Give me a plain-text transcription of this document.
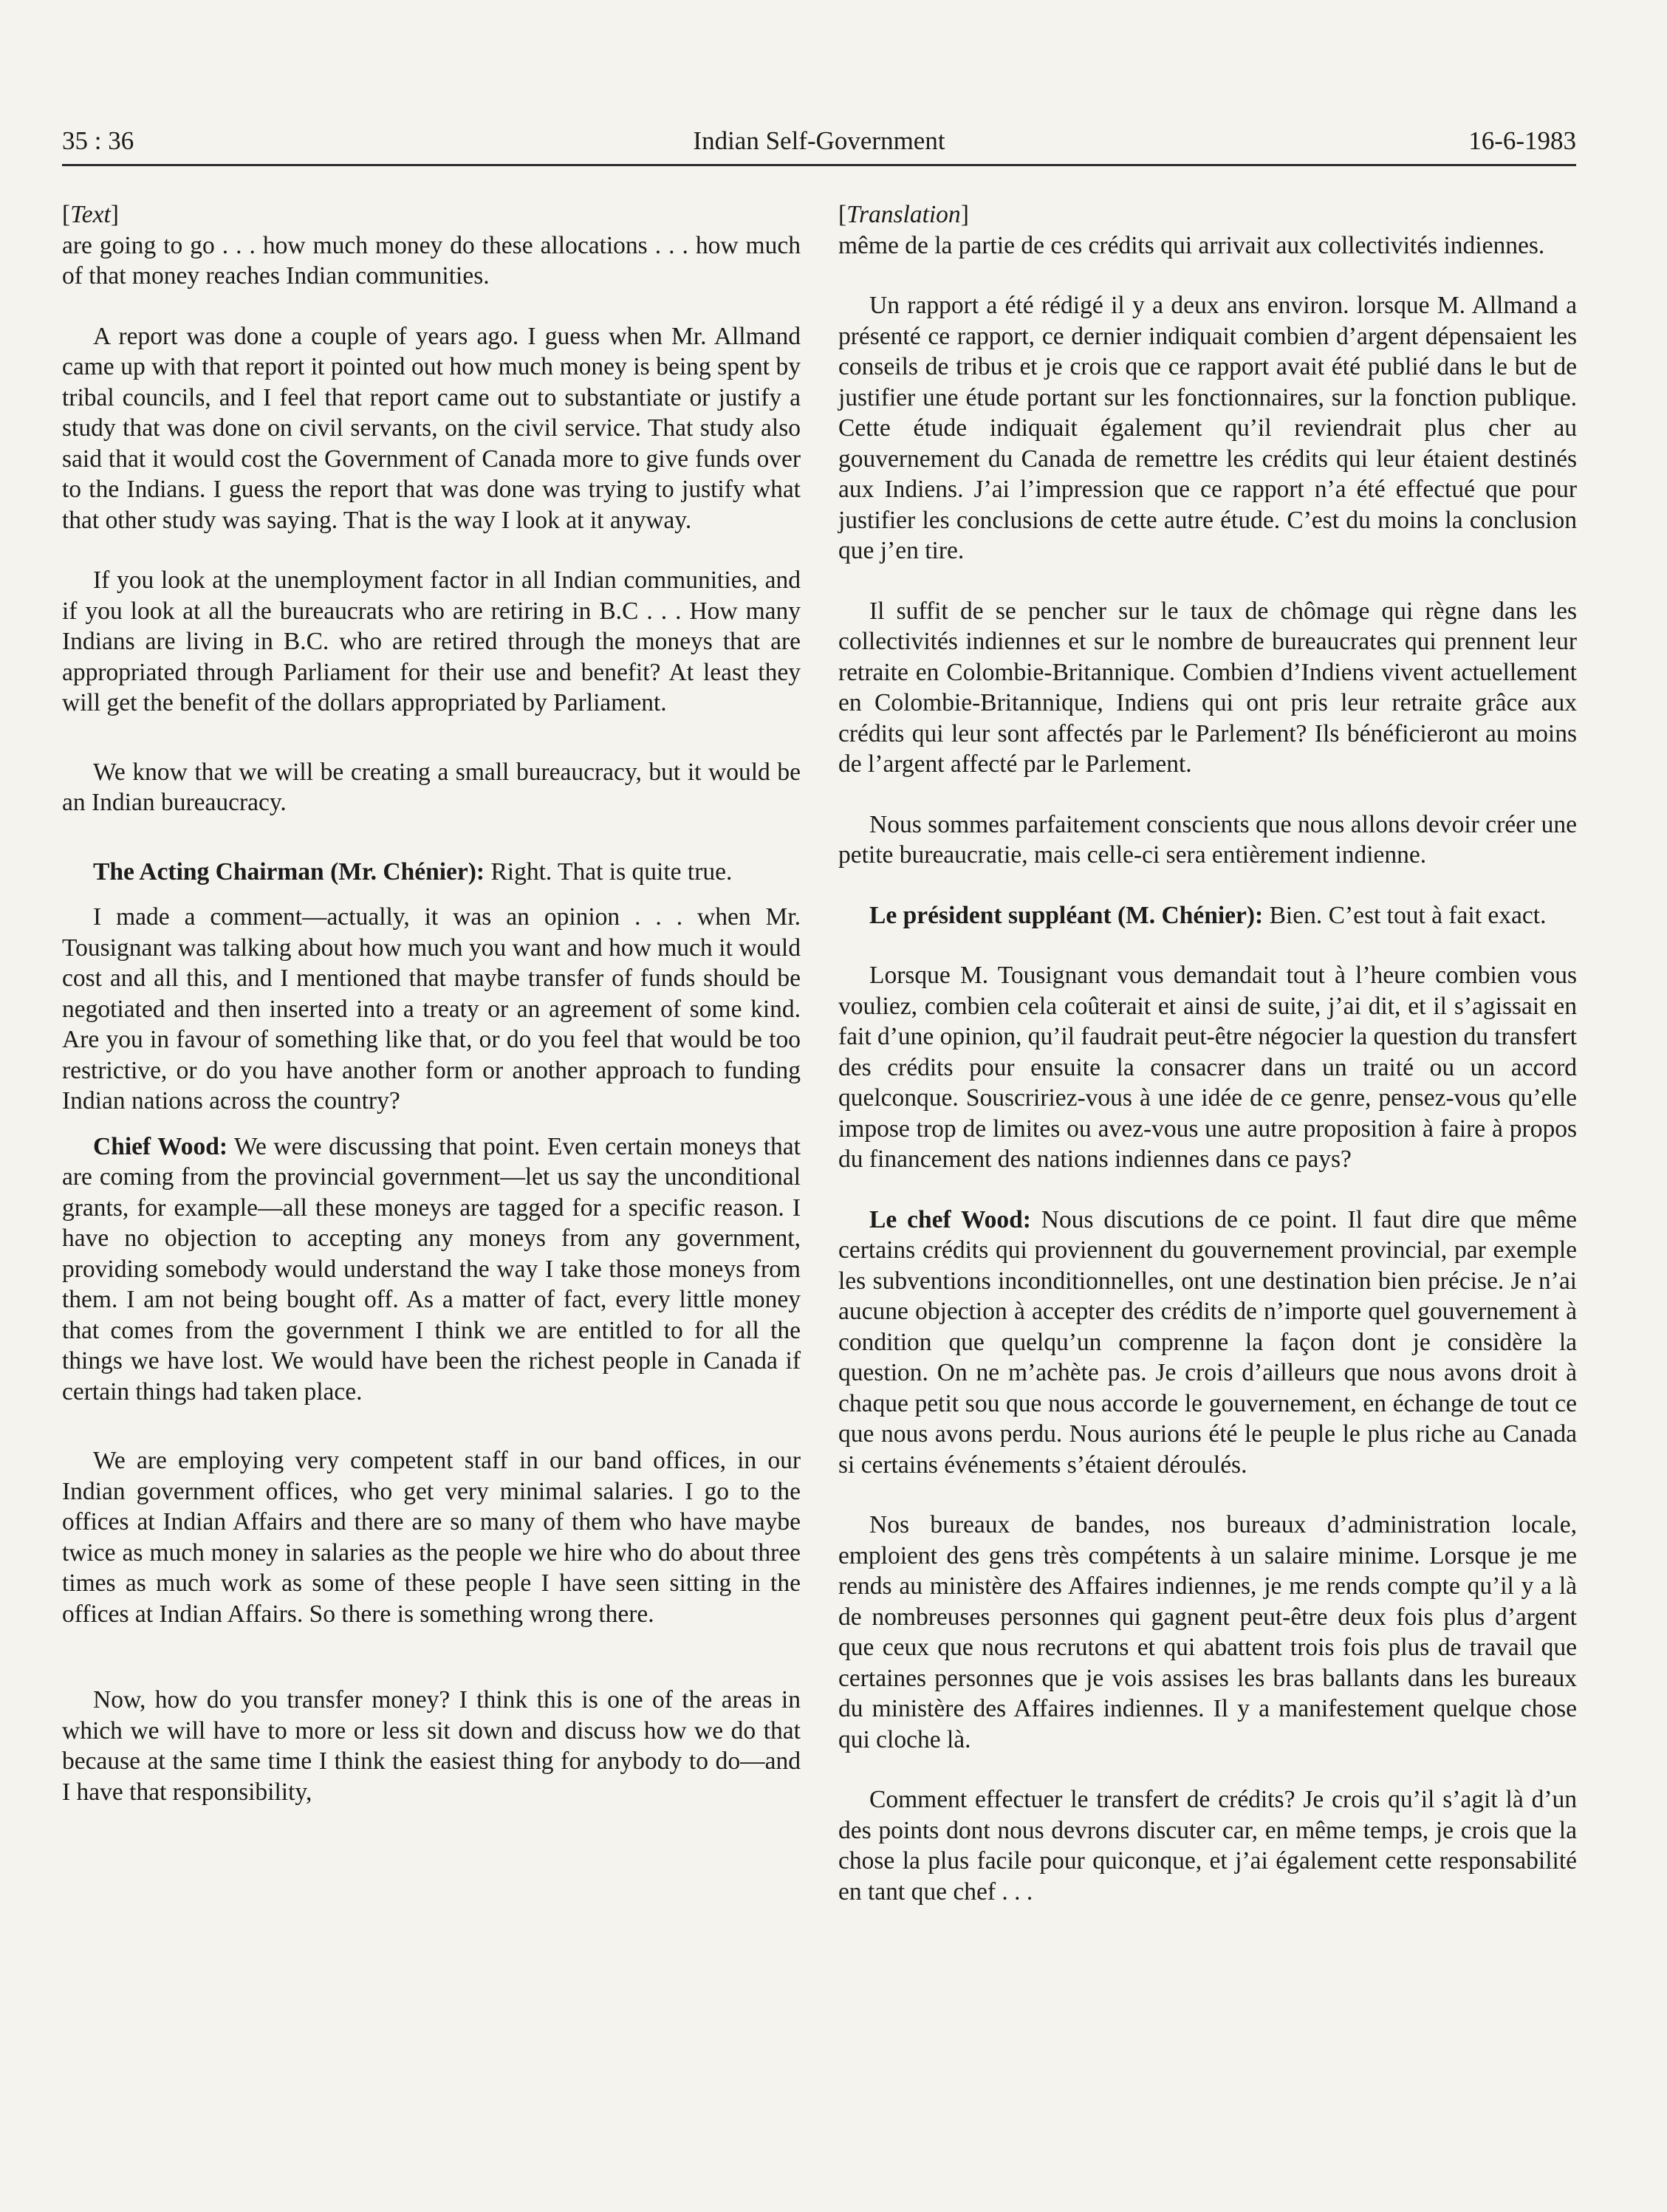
35 : 36	Indian Self-Government	16-6-1983

[Text]

are going to go . . . how much money do these allocations . . . how much of that money reaches Indian communities.

A report was done a couple of years ago. I guess when Mr. Allmand came up with that report it pointed out how much money is being spent by tribal councils, and I feel that report came out to substantiate or justify a study that was done on civil servants, on the civil service. That study also said that it would cost the Government of Canada more to give funds over to the Indians. I guess the report that was done was trying to justify what that other study was saying. That is the way I look at it anyway.

If you look at the unemployment factor in all Indian communities, and if you look at all the bureaucrats who are retiring in B.C . . . How many Indians are living in B.C. who are retired through the moneys that are appropriated through Parliament for their use and benefit? At least they will get the benefit of the dollars appropriated by Parliament.

We know that we will be creating a small bureaucracy, but it would be an Indian bureaucracy.

The Acting Chairman (Mr. Chénier): Right. That is quite true.

I made a comment—actually, it was an opinion . . . when Mr. Tousignant was talking about how much you want and how much it would cost and all this, and I mentioned that maybe transfer of funds should be negotiated and then inserted into a treaty or an agreement of some kind. Are you in favour of something like that, or do you feel that would be too restrictive, or do you have another form or another approach to funding Indian nations across the country?

Chief Wood: We were discussing that point. Even certain moneys that are coming from the provincial government—let us say the unconditional grants, for example—all these moneys are tagged for a specific reason. I have no objection to accepting any moneys from any government, providing somebody would understand the way I take those moneys from them. I am not being bought off. As a matter of fact, every little money that comes from the government I think we are entitled to for all the things we have lost. We would have been the richest people in Canada if certain things had taken place.

We are employing very competent staff in our band offices, in our Indian government offices, who get very minimal salaries. I go to the offices at Indian Affairs and there are so many of them who have maybe twice as much money in salaries as the people we hire who do about three times as much work as some of these people I have seen sitting in the offices at Indian Affairs. So there is something wrong there.

Now, how do you transfer money? I think this is one of the areas in which we will have to more or less sit down and discuss how we do that because at the same time I think the easiest thing for anybody to do—and I have that responsibility,

[Translation]

même de la partie de ces crédits qui arrivait aux collectivités indiennes.

Un rapport a été rédigé il y a deux ans environ. lorsque M. Allmand a présenté ce rapport, ce dernier indiquait combien d’argent dépensaient les conseils de tribus et je crois que ce rapport avait été publié dans le but de justifier une étude portant sur les fonctionnaires, sur la fonction publique. Cette étude indiquait également qu’il reviendrait plus cher au gouvernement du Canada de remettre les crédits qui leur étaient destinés aux Indiens. J’ai l’impression que ce rapport n’a été effectué que pour justifier les conclusions de cette autre étude. C’est du moins la conclusion que j’en tire.

Il suffit de se pencher sur le taux de chômage qui règne dans les collectivités indiennes et sur le nombre de bureaucrates qui prennent leur retraite en Colombie-Britannique. Combien d’Indiens vivent actuellement en Colombie-Britannique, Indiens qui ont pris leur retraite grâce aux crédits qui leur sont affectés par le Parlement? Ils bénéficieront au moins de l’argent affecté par le Parlement.

Nous sommes parfaitement conscients que nous allons devoir créer une petite bureaucratie, mais celle-ci sera entièrement indienne.

Le président suppléant (M. Chénier): Bien. C’est tout à fait exact.

Lorsque M. Tousignant vous demandait tout à l’heure combien vous vouliez, combien cela coûterait et ainsi de suite, j’ai dit, et il s’agissait en fait d’une opinion, qu’il faudrait peut-être négocier la question du transfert des crédits pour ensuite la consacrer dans un traité ou un accord quelconque. Souscririez-vous à une idée de ce genre, pensez-vous qu’elle impose trop de limites ou avez-vous une autre proposition à faire à propos du financement des nations indiennes dans ce pays?

Le chef Wood: Nous discutions de ce point. Il faut dire que même certains crédits qui proviennent du gouvernement provincial, par exemple les subventions inconditionnelles, ont une destination bien précise. Je n’ai aucune objection à accepter des crédits de n’importe quel gouvernement à condition que quelqu’un comprenne la façon dont je considère la question. On ne m’achète pas. Je crois d’ailleurs que nous avons droit à chaque petit sou que nous accorde le gouvernement, en échange de tout ce que nous avons perdu. Nous aurions été le peuple le plus riche au Canada si certains événements s’étaient déroulés.

Nos bureaux de bandes, nos bureaux d’administration locale, emploient des gens très compétents à un salaire minime. Lorsque je me rends au ministère des Affaires indiennes, je me rends compte qu’il y a là de nombreuses personnes qui gagnent peut-être deux fois plus d’argent que ceux que nous recrutons et qui abattent trois fois plus de travail que certaines personnes que je vois assises les bras ballants dans les bureaux du ministère des Affaires indiennes. Il y a manifestement quelque chose qui cloche là.

Comment effectuer le transfert de crédits? Je crois qu’il s’agit là d’un des points dont nous devrons discuter car, en même temps, je crois que la chose la plus facile pour quiconque, et j’ai également cette responsabilité en tant que chef . . .
